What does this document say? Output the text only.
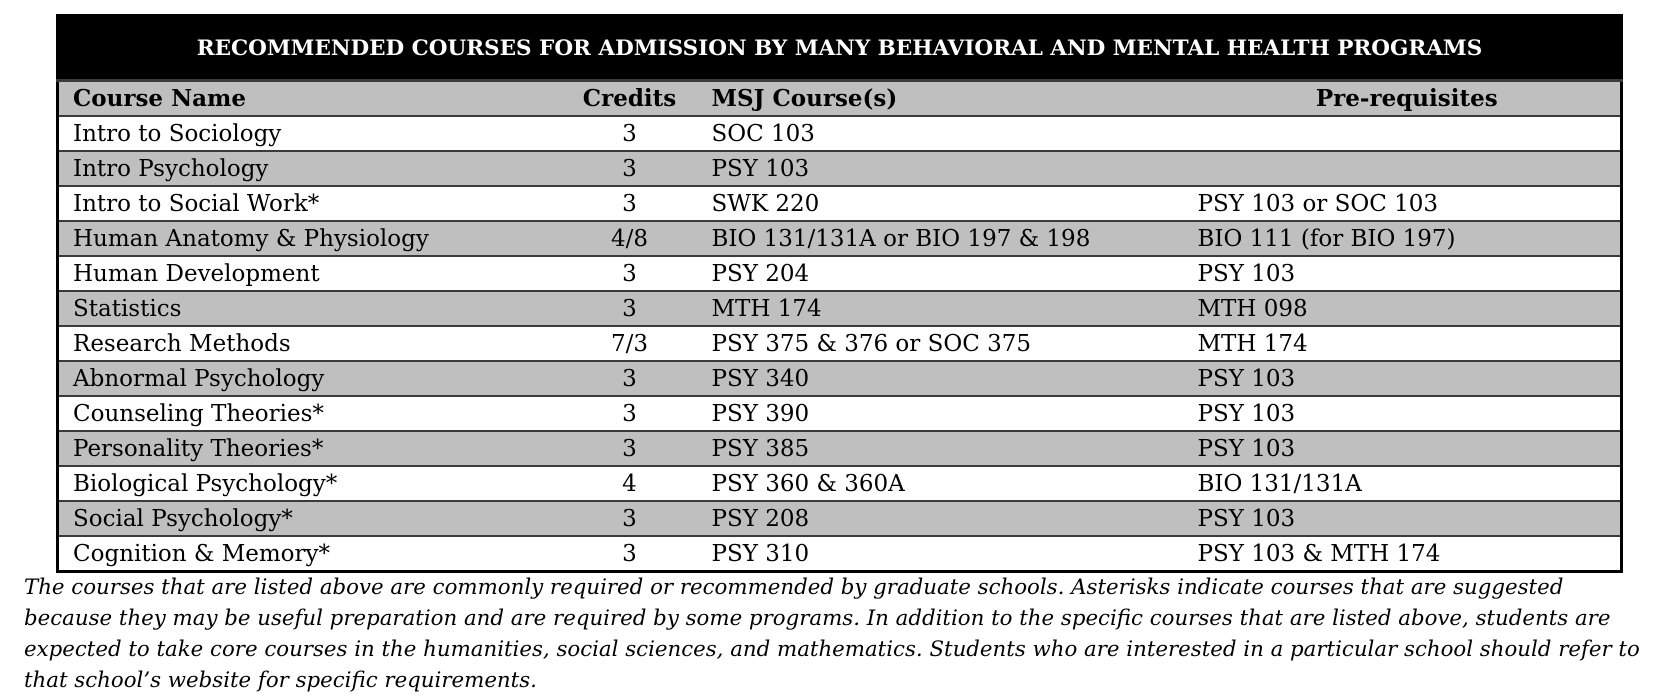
RECOMMENDED COURSES FOR ADMISSION BY MANY BEHAVIORAL AND MENTAL HEALTH PROGRAMS			
Course Name	Credits	MSJ Course(s)	Pre-requisites
Intro to Sociology	3	SOC 103	
Intro Psychology	3	PSY 103	
Intro to Social Work*	3	SWK 220	PSY 103 or SOC 103
Human Anatomy & Physiology	4/8	BIO 131/131A or BIO 197 & 198	BIO 111 (for BIO 197)
Human Development	3	PSY 204	PSY 103
Statistics	3	MTH 174	MTH 098
Research Methods	7/3	PSY 375 & 376 or SOC 375	MTH 174
Abnormal Psychology	3	PSY 340	PSY 103
Counseling Theories*	3	PSY 390	PSY 103
Personality Theories*	3	PSY 385	PSY 103
Biological Psychology*	4	PSY 360 & 360A	BIO 131/131A
Social Psychology*	3	PSY 208	PSY 103
Cognition & Memory*	3	PSY 310	PSY 103 & MTH 174

The courses that are listed above are commonly required or recommended by graduate schools. Asterisks indicate courses that are suggested because they may be useful preparation and are required by some programs. In addition to the specific courses that are listed above, students are expected to take core courses in the humanities, social sciences, and mathematics. Students who are interested in a particular school should refer to that school’s website for specific requirements.
